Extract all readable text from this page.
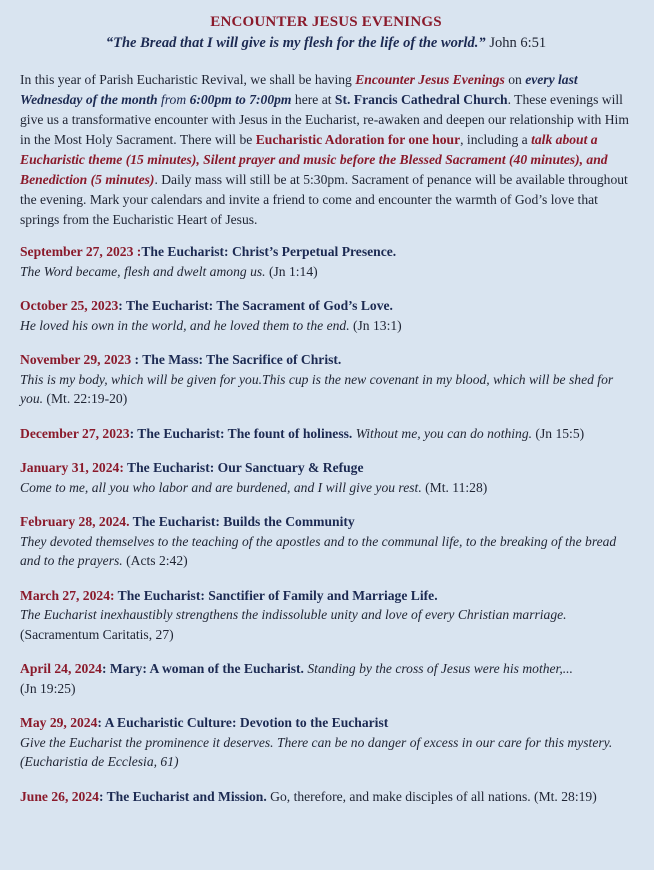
ENCOUNTER JESUS EVENINGS
“The Bread that I will give is my flesh for the life of the world.” John 6:51

In this year of Parish Eucharistic Revival, we shall be having Encounter Jesus Evenings on every last Wednesday of the month from 6:00pm to 7:00pm here at St. Francis Cathedral Church. These evenings will give us a transformative encounter with Jesus in the Eucharist, re-awaken and deepen our relationship with Him in the Most Holy Sacrament. There will be Eucharistic Adoration for one hour, including a talk about a Eucharistic theme (15 minutes), Silent prayer and music before the Blessed Sacrament (40 minutes), and Benediction (5 minutes). Daily mass will still be at 5:30pm. Sacrament of penance will be available throughout the evening. Mark your calendars and invite a friend to come and encounter the warmth of God’s love that springs from the Eucharistic Heart of Jesus.

September 27, 2023 :The Eucharist: Christ’s Perpetual Presence.
The Word became, flesh and dwelt among us. (Jn 1:14)
October 25, 2023: The Eucharist: The Sacrament of God’s Love.
He loved his own in the world, and he loved them to the end. (Jn 13:1)
November 29, 2023 : The Mass: The Sacrifice of Christ.
This is my body, which will be given for you.This cup is the new covenant in my blood, which will be shed for you. (Mt. 22:19-20)
December 27, 2023: The Eucharist: The fount of holiness. Without me, you can do nothing. (Jn 15:5)
January 31, 2024: The Eucharist: Our Sanctuary & Refuge
Come to me, all you who labor and are burdened, and I will give you rest. (Mt. 11:28)
February 28, 2024. The Eucharist: Builds the Community
They devoted themselves to the teaching of the apostles and to the communal life, to the breaking of the bread and to the prayers. (Acts 2:42)
March 27, 2024: The Eucharist: Sanctifier of Family and Marriage Life.
The Eucharist inexhaustibly strengthens the indissoluble unity and love of every Christian marriage. (Sacramentum Caritatis, 27)
April 24, 2024: Mary: A woman of the Eucharist. Standing by the cross of Jesus were his mother,...
(Jn 19:25)
May 29, 2024: A Eucharistic Culture: Devotion to the Eucharist
Give the Eucharist the prominence it deserves. There can be no danger of excess in our care for this mystery. (Eucharistia de Ecclesia, 61)
June 26, 2024: The Eucharist and Mission. Go, therefore, and make disciples of all nations. (Mt. 28:19)
